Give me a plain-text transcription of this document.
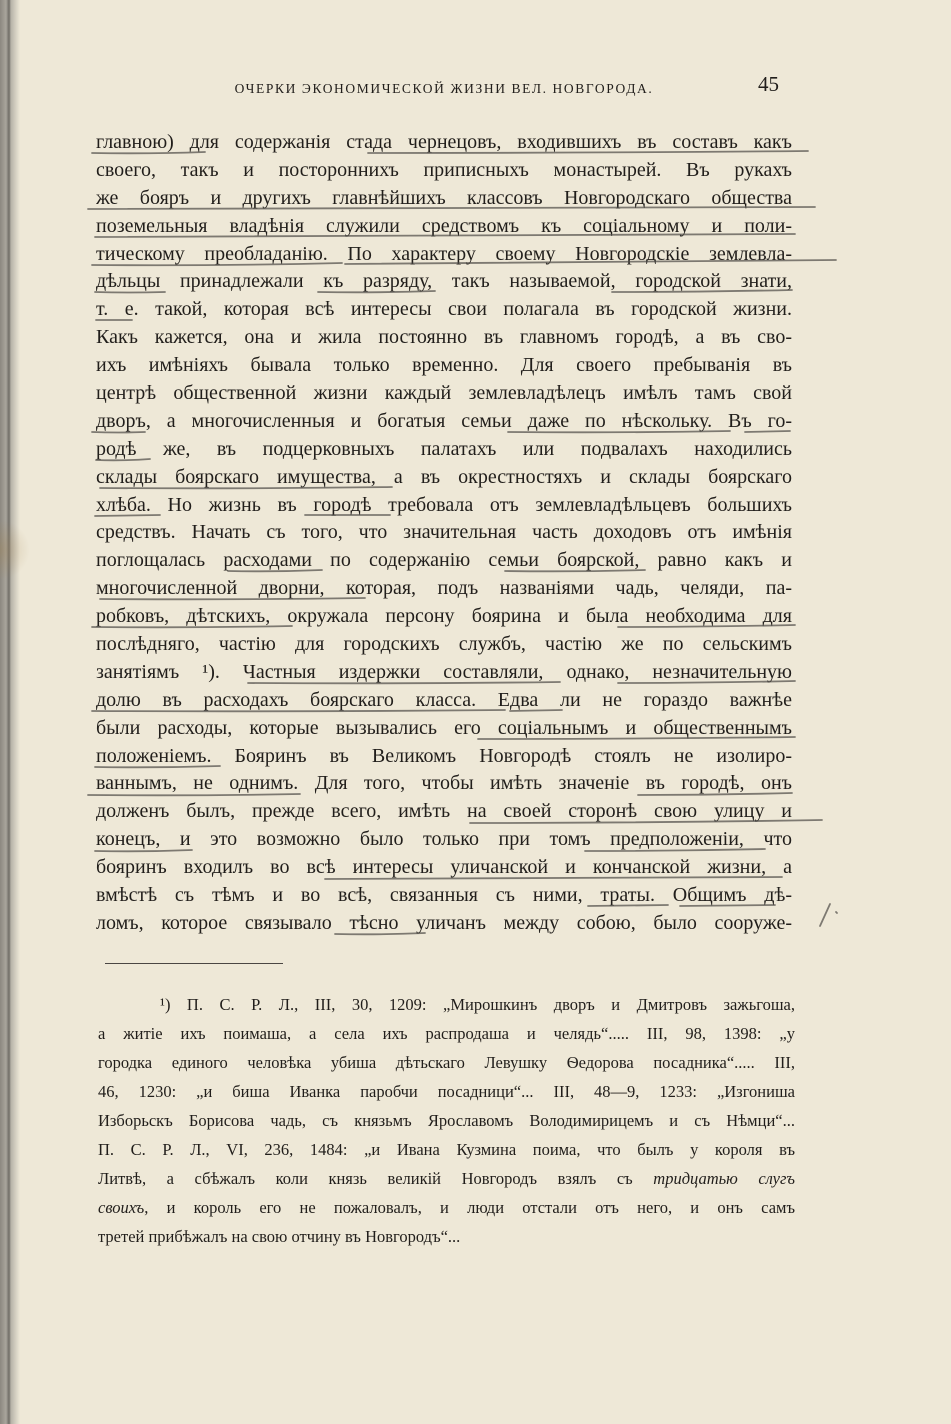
ОЧЕРКИ ЭКОНОМИЧЕСКОЙ ЖИЗНИ ВЕЛ. НОВГОРОДА.	45
главною) для содержанія стада чернецовъ, входившихъ въ составъ какъ
своего, такъ и постороннихъ приписныхъ монастырей. Въ рукахъ
же бояръ и другихъ главнѣйшихъ классовъ Новгородскаго общества
поземельныя владѣнія служили средствомъ къ соціальному и поли-
тическому преобладанію. По характеру своему Новгородскіе землевла-
дѣльцы принадлежали къ разряду, такъ называемой, городской знати,
т. е. такой, которая всѣ интересы свои полагала въ городской жизни.
Какъ кажется, она и жила постоянно въ главномъ городѣ, а въ сво-
ихъ имѣніяхъ бывала только временно. Для своего пребыванія въ
центрѣ общественной жизни каждый землевладѣлецъ имѣлъ тамъ свой
дворъ, а многочисленныя и богатыя семьи даже по нѣскольку. Въ го-
родѣ же, въ подцерковныхъ палатахъ или подвалахъ находились
склады боярскаго имущества, а въ окрестностяхъ и склады боярскаго
хлѣба. Но жизнь въ городѣ требовала отъ землевладѣльцевъ большихъ
средствъ. Начать съ того, что значительная часть доходовъ отъ имѣнія
поглощалась расходами по содержанію семьи боярской, равно какъ и
многочисленной дворни, которая, подъ названіями чадь, челяди, па-
робковъ, дѣтскихъ, окружала персону боярина и была необходима для
послѣдняго, частію для городскихъ службъ, частію же по сельскимъ
занятіямъ ¹). Частныя издержки составляли, однако, незначительную
долю въ расходахъ боярскаго класса. Едва ли не гораздо важнѣе
были расходы, которые вызывались его соціальнымъ и общественнымъ
положеніемъ. Бояринъ въ Великомъ Новгородѣ стоялъ не изолиро-
ваннымъ, не однимъ. Для того, чтобы имѣть значеніе въ городѣ, онъ
долженъ былъ, прежде всего, имѣть на своей сторонѣ свою улицу и
конецъ, и это возможно было только при томъ предположеніи, что
бояринъ входилъ во всѣ интересы уличанской и кончанской жизни, а
вмѣстѣ съ тѣмъ и во всѣ, связанныя съ ними, траты. Общимъ дѣ-
ломъ, которое связывало тѣсно уличанъ между собою, было сооруже-
¹) П. С. Р. Л., III, 30, 1209: „Мирошкинъ дворъ и Дмитровъ зажьгоша,
а житіе ихъ поимаша, а села ихъ распродаша и челядь“..... III, 98, 1398: „у
городка единого человѣка убиша дѣтьскаго Левушку Ѳедорова посадника“..... III,
46, 1230: „и биша Иванка паробчи посадници“... III, 48—9, 1233: „Изгониша
Изборьскъ Борисова чадь, съ князьмъ Ярославомъ Володимирицемъ и съ Нѣмци“...
П. С. Р. Л., VI, 236, 1484: „и Ивана Кузмина поима, что былъ у короля въ
Литвѣ, а сбѣжалъ коли князь великій Новгородъ взялъ съ тридцатью слугъ
своихъ, и король его не пожаловалъ, и люди отстали отъ него, и онъ самъ
третей прибѣжалъ на свою отчину въ Новгородъ“...
